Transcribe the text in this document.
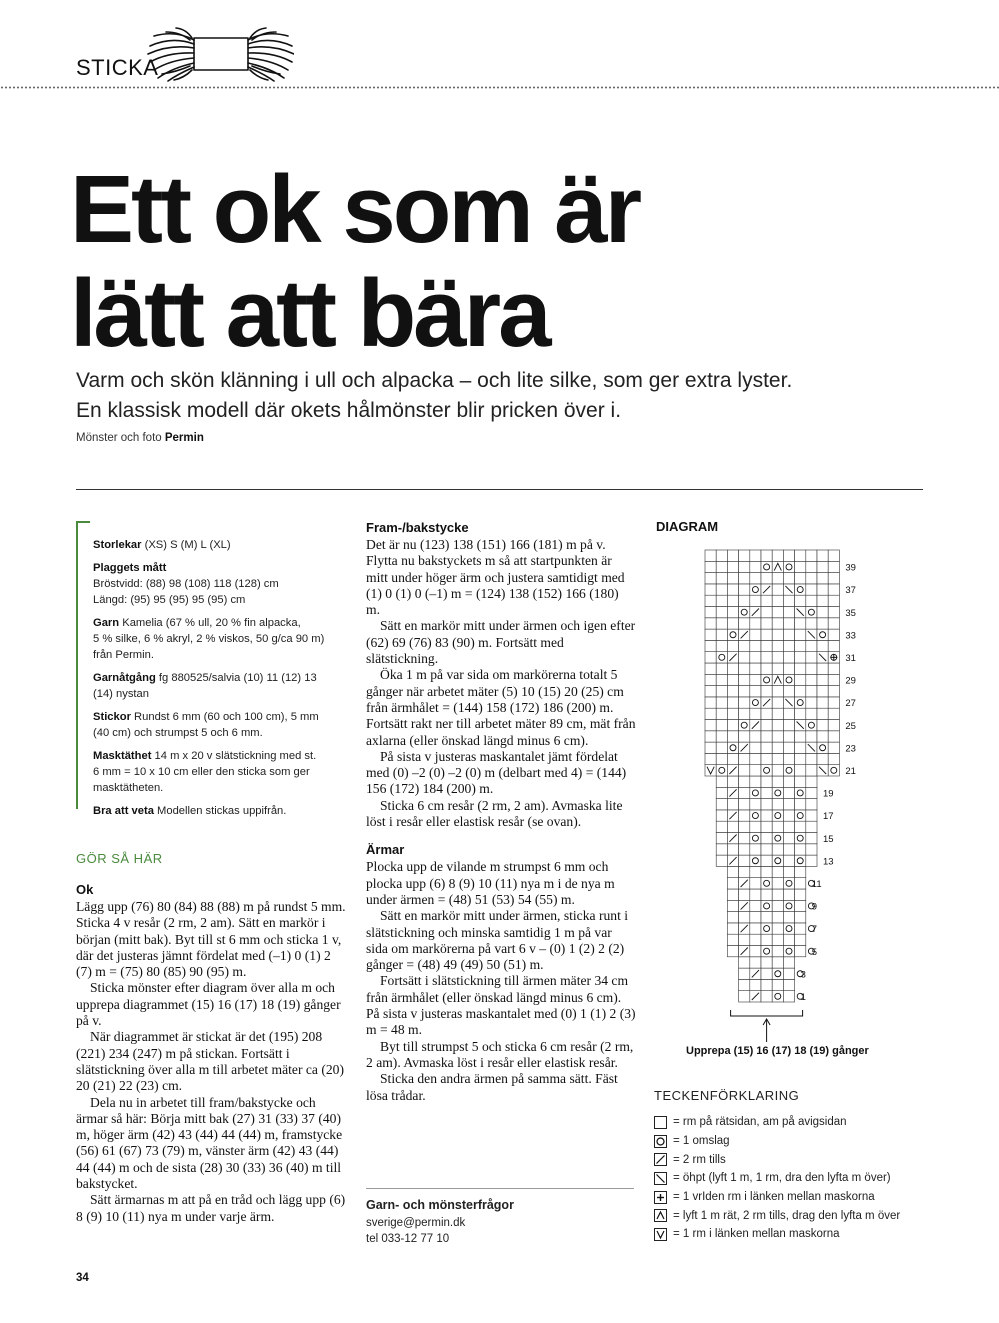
STICKA
Ett ok som är
lätt att bära
Varm och skön klänning i ull och alpacka – och lite silke, som ger extra lyster.
En klassisk modell där okets hålmönster blir pricken över i.
Mönster och foto Permin
Storlekar (XS) S (M) L (XL)
Plaggets mått
Bröstvidd: (88) 98 (108) 118 (128) cm
Längd: (95) 95 (95) 95 (95) cm
Garn Kamelia (67 % ull, 20 % fin alpacka,
5 % silke, 6 % akryl, 2 % viskos, 50 g/ca 90 m)
från Permin.
Garnåtgång fg 880525/salvia (10) 11 (12) 13
(14) nystan
Stickor Rundst 6 mm (60 och 100 cm), 5 mm
(40 cm) och strumpst 5 och 6 mm.
Masktäthet 14 m x 20 v slätstickning med st.
6 mm = 10 x 10 cm eller den sticka som ger
masktätheten.
Bra att veta Modellen stickas uppifrån.
GÖR SÅ HÄR
Ok

Lägg upp (76) 80 (84) 88 (88) m på rundst 5 mm. Sticka 4 v resår (2 rm, 2 am). Sätt en markör i början (mitt bak). Byt till st 6 mm och sticka 1 v, där det justeras jämnt fördelat med (–1) 0 (1) 2 (7) m = (75) 80 (85) 90 (95) m.

Sticka mönster efter diagram över alla m och upprepa diagrammet (15) 16 (17) 18 (19) gånger på v.

När diagrammet är stickat är det (195) 208 (221) 234 (247) m på stickan. Fortsätt i slätstickning över alla m till arbetet mäter ca (20) 20 (21) 22 (23) cm.

Dela nu in arbetet till fram/bakstycke och ärmar så här: Börja mitt bak (27) 31 (33) 37 (40) m, höger ärm (42) 43 (44) 44 (44) m, framstycke (56) 61 (67) 73 (79) m, vänster ärm (42) 43 (44) 44 (44) m och de sista (28) 30 (33) 36 (40) m till bakstycket.

Sätt ärmarnas m att på en tråd och lägg upp (6) 8 (9) 10 (11) nya m under varje ärm.

Fram-/bakstycke

Det är nu (123) 138 (151) 166 (181) m på v. Flytta nu bakstyckets m så att startpunkten är mitt under höger ärm och justera samtidigt med (1) 0 (1) 0 (–1) m = (124) 138 (152) 166 (180) m.

Sätt en markör mitt under ärmen och igen efter (62) 69 (76) 83 (90) m. Fortsätt med slätstickning.

Öka 1 m på var sida om markörerna totalt 5 gånger när arbetet mäter (5) 10 (15) 20 (25) cm från ärmhålet = (144) 158 (172) 186 (200) m. Fortsätt rakt ner till arbetet mäter 89 cm, mät från axlarna (eller önskad längd minus 6 cm).

På sista v justeras maskantalet jämt fördelat med (0) –2 (0) –2 (0) m (delbart med 4) = (144) 156 (172) 184 (200) m.

Sticka 6 cm resår (2 rm, 2 am). Avmaska lite löst i resår eller elastisk resår (se ovan).

Ärmar

Plocka upp de vilande m strumpst 6 mm och plocka upp (6) 8 (9) 10 (11) nya m i de nya m under ärmen = (48) 51 (53) 54 (55) m.

Sätt en markör mitt under ärmen, sticka runt i slätstickning och minska samtidig 1 m på var sida om markörerna på vart 6 v – (0) 1 (2) 2 (2) gånger = (48) 49 (49) 50 (51) m.

Fortsätt i slätstickning till ärmen mäter 34 cm från ärmhålet (eller önskad längd minus 6 cm). På sista v justeras maskantalet med (0) 1 (1) 2 (3) m = 48 m.

Byt till strumpst 5 och sticka 6 cm resår (2 rm, 2 am). Avmaska löst i resår eller elastisk resår.

Sticka den andra ärmen på samma sätt. Fäst lösa trådar.

Garn- och mönsterfrågor
sverige@permin.dk
tel 033-12 77 10
DIAGRAM
39
37
35
33
31
29
27
25
23
21
19
17
15
13
11
9
7
5
3
1
Upprepa (15) 16 (17) 18 (19) gånger
TECKENFÖRKLARING
= rm på rätsidan, am på avigsidan
= 1 omslag
= 2 rm tills
= öhpt (lyft 1 m, 1 rm, dra den lyfta m över)
= 1 vrIden rm i länken mellan maskorna
= lyft 1 m rät, 2 rm tills, drag den lyfta m över
= 1 rm i länken mellan maskorna
34
